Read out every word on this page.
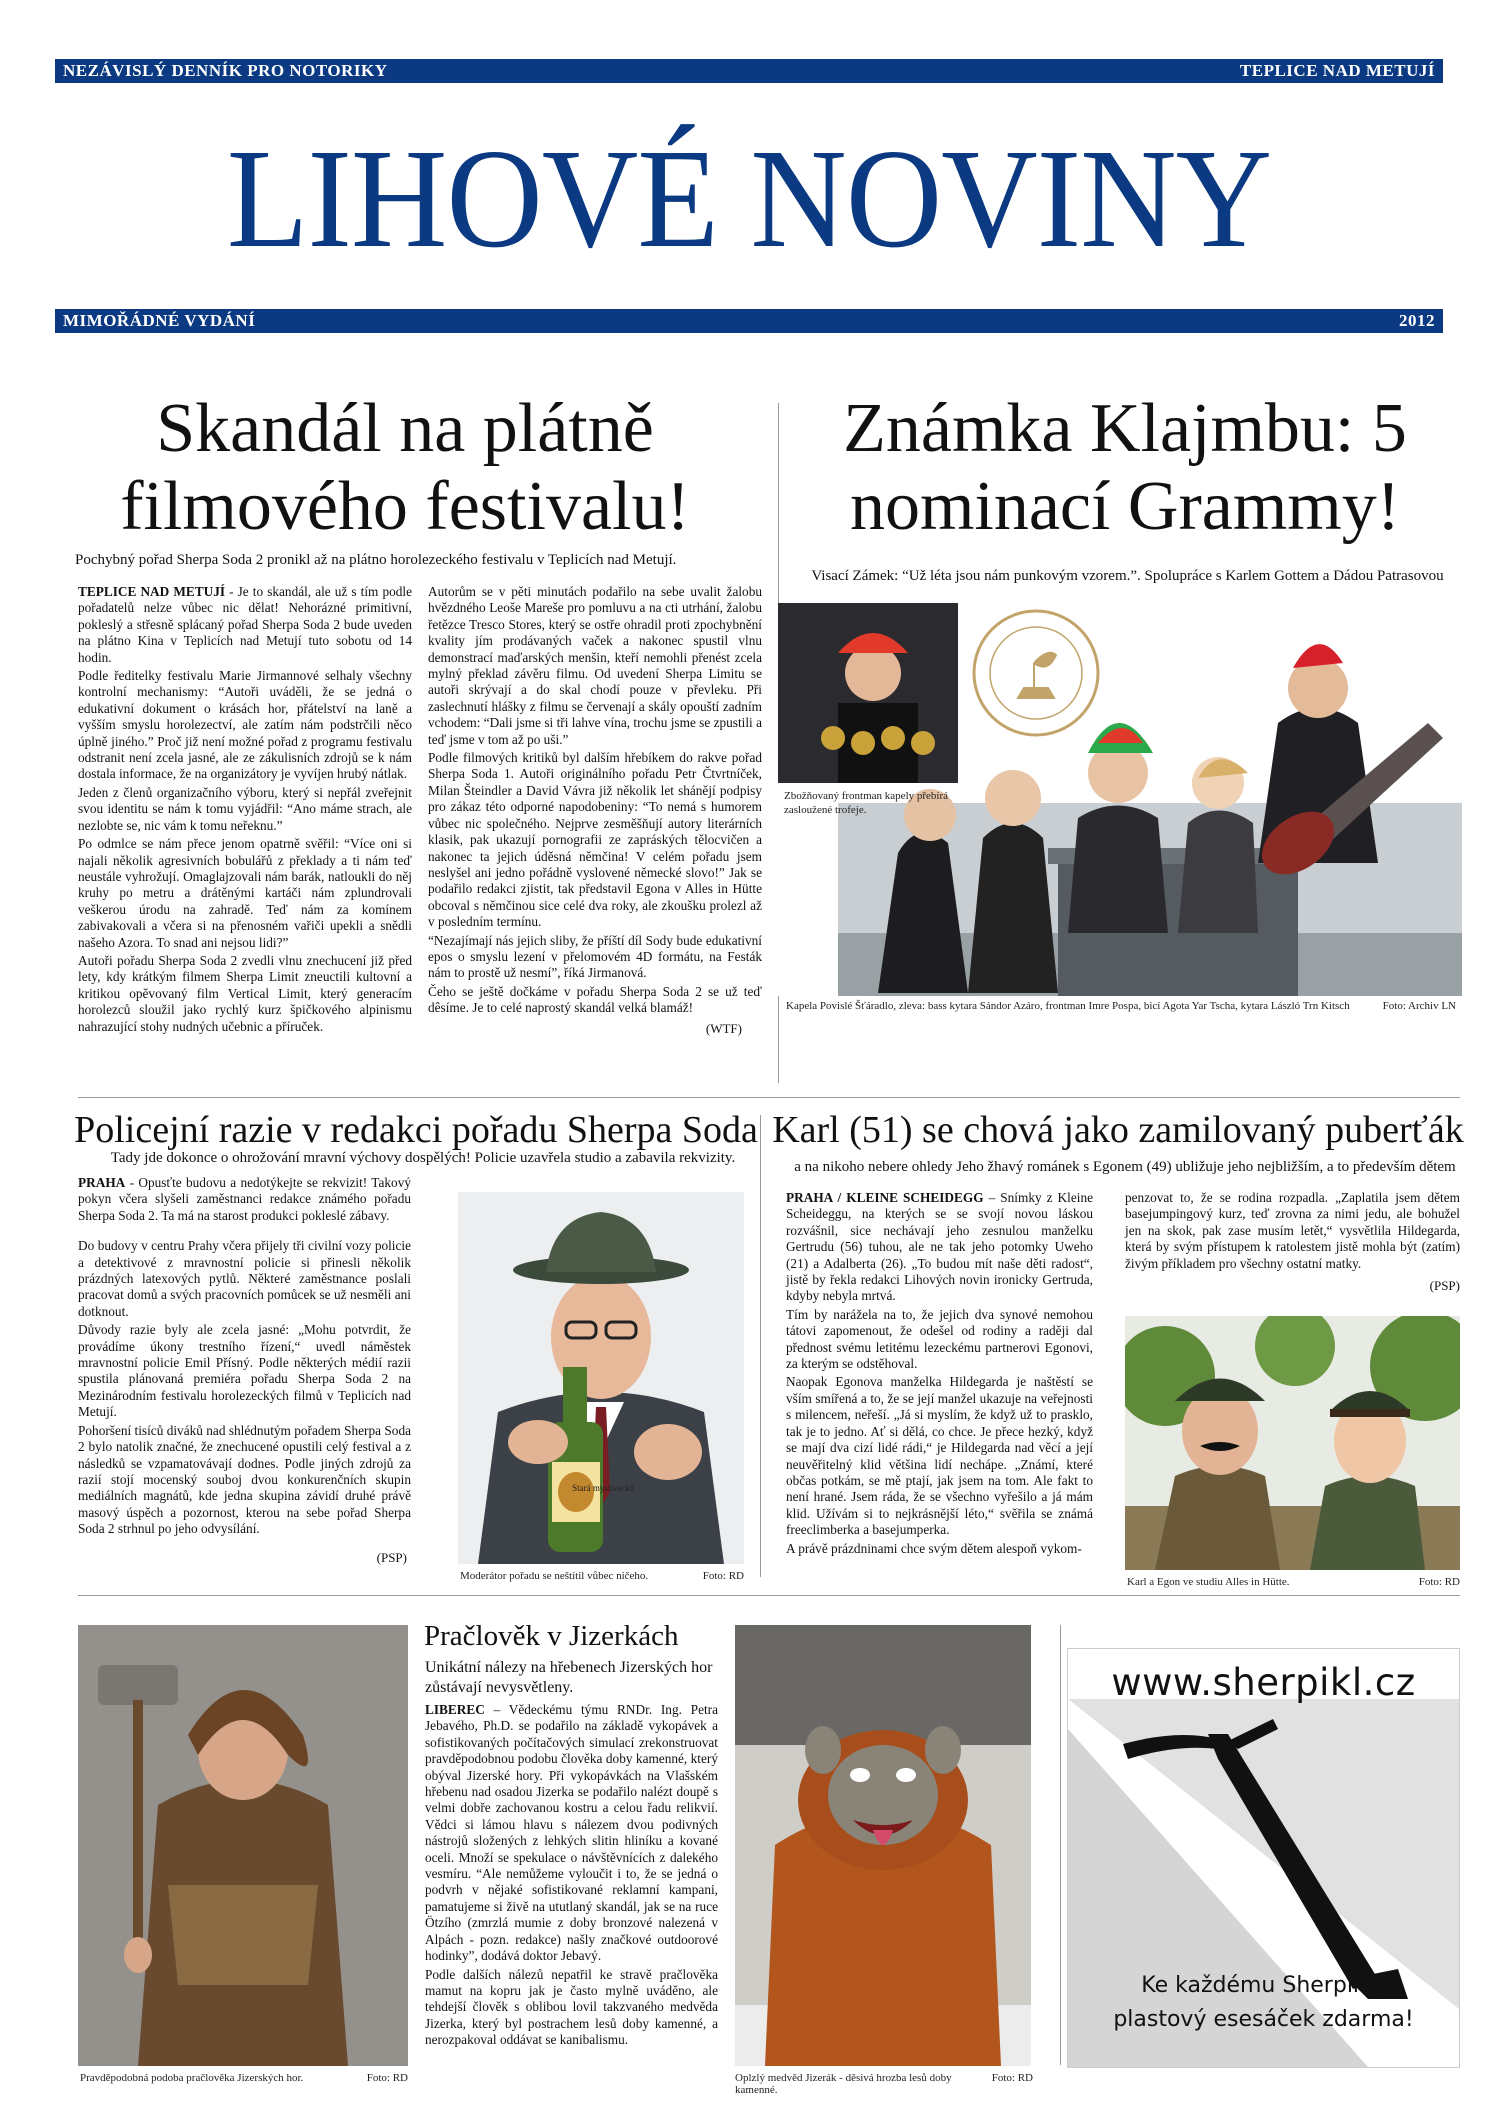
NEZÁVISLÝ DENNÍK PRO NOTORIKY	TEPLICE NAD METUJÍ
LIHOVÉ NOVINY
MIMOŘÁDNÉ VYDÁNÍ	2012
Skandál na plátně filmového festivalu!
Pochybný pořad Sherpa Soda 2 pronikl až na plátno horolezeckého festivalu v Teplicích nad Metují.

TEPLICE NAD METUJÍ - Je to skandál, ale už s tím podle pořadatelů nelze vůbec nic dělat! Nehorázné primitivní, pokleslý a střesně splácaný pořad Sherpa Soda 2 bude uveden na plátno Kina v Teplicích nad Metují tuto sobotu od 14 hodin.

Podle ředitelky festivalu Marie Jirmannové selhaly všechny kontrolní mechanismy: “Autoři uváděli, že se jedná o edukativní dokument o krásách hor, přátelství na laně a vyšším smyslu horolezectví, ale zatím nám podstrčili něco úplně jiného.” Proč již není možné pořad z programu festivalu odstranit není zcela jasné, ale ze zákulisních zdrojů se k nám dostala informace, že na organizátory je vyvíjen hrubý nátlak.

Jeden z členů organizačního výboru, který si nepřál zveřejnit svou identitu se nám k tomu vyjádřil: “Ano máme strach, ale nezlobte se, nic vám k tomu neřeknu.”

Po odmlce se nám přece jenom opatrně svěřil: “Více oni si najali několik agresivních bobulářů z překlady a ti nám teď neustále vyhrožují. Omaglajzovali nám barák, natloukli do něj kruhy po metru a drátěnými kartáči nám zplundrovali veškerou úrodu na zahradě. Teď nám za komínem zabivakovali a včera si na přenosném vařiči upekli a snědli našeho Azora. To snad ani nejsou lidi?”

Autoři pořadu Sherpa Soda 2 zvedli vlnu znechucení již před lety, kdy krátkým filmem Sherpa Limit zneuctili kultovní a kritikou opěvovaný film Vertical Limit, který generacím horolezců sloužil jako rychlý kurz špičkového alpinismu nahrazující stohy nudných učebnic a příruček.

Autorům se v pěti minutách podařilo na sebe uvalit žalobu hvězdného Leoše Mareše pro pomluvu a na cti utrhání, žalobu řetězce Tresco Stores, který se ostře ohradil proti zpochybnění kvality jím prodávaných vaček a nakonec spustil vlnu demonstrací maďarských menšin, kteří nemohli přenést zcela mylný překlad závěru filmu. Od uvedení Sherpa Limitu se autoři skrývají a do skal chodí pouze v převleku. Při zaslechnutí hlášky z filmu se červenají a skály opouští zadním vchodem: “Dali jsme si tři lahve vína, trochu jsme se zpustili a teď jsme v tom až po uši.”

Podle filmových kritiků byl dalším hřebíkem do rakve pořad Sherpa Soda 1. Autoři originálního pořadu Petr Čtvrtníček, Milan Šteindler a David Vávra již několik let shánějí podpisy pro zákaz této odporné napodobeniny: “To nemá s humorem vůbec nic společného. Nejprve zesměšňují autory literárních klasik, pak ukazují pornografii ze zapráských tělocvičen a nakonec ta jejich úděsná němčina! V celém pořadu jsem neslyšel ani jedno pořádně vyslovené německé slovo!” Jak se podařilo redakci zjistit, tak představil Egona v Alles in Hütte obcoval s němčinou sice celé dva roky, ale zkoušku prolezl až v posledním termínu.

“Nezajímají nás jejich sliby, že příští díl Sody bude edukativní epos o smyslu lezení v přelomovém 4D formátu, na Festák nám to prostě už nesmí”, říká Jirmanová.

Čeho se ještě dočkáme v pořadu Sherpa Soda 2 se už teď dêsíme. Je to celé naprostý skandál velká blamáž!

(WTF)
Známka Klajmbu: 5 nominací Grammy!
Visací Zámek: “Už léta jsou nám punkovým vzorem.”. Spolupráce s Karlem Gottem a Dádou Patrasovou
Zbožňovaný frontman kapely přebírá zasloužené trofeje.
Kapela Povislé Šťáradlo, zleva: bass kytara Sándor Azáro, frontman Imre Pospa, bicí Agota Yar Tscha, kytara László Trn Kitsch	Foto: Archiv LN
Policejní razie v redakci pořadu Sherpa Soda
Tady jde dokonce o ohrožování mravní výchovy dospělých! Policie uzavřela studio a zabavila rekvizity.

PRAHA - Opusťte budovu a nedotýkejte se rekvizit! Takový pokyn včera slyšeli zaměstnanci redakce známého pořadu Sherpa Soda 2. Ta má na starost produkci pokleslé zábavy.

Do budovy v centru Prahy včera přijely tři civilní vozy policie a detektivové z mravnostní policie si přinesli několik prázdných latexových pytlů. Některé zaměstnance poslali pracovat domů a svých pracovních pomůcek se už nesměli ani dotknout.

Důvody razie byly ale zcela jasné: „Mohu potvrdit, že provádíme úkony trestního řízení,“ uvedl náměstek mravnostní policie Emil Přísný. Podle některých médií razii spustila plánovaná premiéra pořadu Sherpa Soda 2 na Mezinárodním festivalu horolezeckých filmů v Teplicích nad Metují.

Pohoršení tisíců diváků nad shlédnutým pořadem Sherpa Soda 2 bylo natolik značné, že znechucené opustili celý festival a z následků se vzpamatovávají dodnes. Podle jiných zdrojů za razií stojí mocenský souboj dvou konkurenčních skupin mediálních magnátů, kde jedna skupina závidí druhé právě masový úspěch a pozornost, kterou na sebe pořad Sherpa Soda 2 strhnul po jeho odvysílání.

(PSP)
Stará myslivecká
Moderátor pořadu se neštítil vůbec ničeho.	Foto: RD
Karl (51) se chová jako zamilovaný puberťák
a na nikoho nebere ohledy Jeho žhavý románek s Egonem (49) ubližuje jeho nejbližším, a to především dětem

PRAHA / KLEINE SCHEIDEGG – Snímky z Kleine Scheideggu, na kterých se se svojí novou láskou rozvášnil, sice nechávají jeho zesnulou manželku Gertrudu (56) tuhou, ale ne tak jeho potomky Uweho (21) a Adalberta (26). „To budou mít naše děti radost“, jistě by řekla redakci Lihových novin ironicky Gertruda, kdyby nebyla mrtvá.

Tím by narážela na to, že jejich dva synové nemohou tátovi zapomenout, že odešel od rodiny a raději dal přednost svému letitému lezeckému partnerovi Egonovi, za kterým se odstěhoval.

Naopak Egonova manželka Hildegarda je naštěstí se vším smířená a to, že se její manžel ukazuje na veřejnosti s milencem, neřeší. „Já si myslím, že když už to prasklo, tak je to jedno. Ať si dělá, co chce. Je přece hezký, když se mají dva cizí lidé rádi,“ je Hildegarda nad věcí a její neuvěřitelný klid většina lidí nechápe. „Známí, které občas potkám, se mě ptají, jak jsem na tom. Ale fakt to není hrané. Jsem ráda, že se všechno vyřešilo a já mám klid. Užívám si to nejkrásnější léto,“ svěřila se známá freeclimberka a basejumperka.

A právě prázdninami chce svým dětem alespoň vykom-

penzovat to, že se rodina rozpadla. „Zaplatila jsem dětem basejumpingový kurz, teď zrovna za nimi jedu, ale bohužel jen na skok, pak zase musím letět,“ vysvětlila Hildegarda, která by svým přístupem k ratolestem jistě mohla být (zatím) živým příkladem pro všechny ostatní matky.

(PSP)
Karl a Egon ve studiu Alles in Hütte.	Foto: RD
Pravděpodobná podoba pračlověka Jizerských hor.	Foto: RD
Pračlověk v Jizerkách
Unikátní nálezy na hřebenech Jizerských hor zůstávají nevysvětleny.

LIBEREC – Vědeckému týmu RNDr. Ing. Petra Jebavého, Ph.D. se podařilo na základě vykopávek a sofistikovaných počítačových simulací zrekonstruovat pravděpodobnou podobu člověka doby kamenné, který obýval Jizerské hory. Při vykopávkách na Vlašském hřebenu nad osadou Jizerka se podařilo nalézt doupě s velmi dobře zachovanou kostru a celou řadu relikvií. Vědci si lámou hlavu s nálezem dvou podivných nástrojů složených z lehkých slitin hliníku a kované oceli. Množí se spekulace o návštěvnících z dalekého vesmíru. “Ale nemůžeme vyloučit i to, že se jedná o podvrh v nějaké sofistikované reklamní kampani, pamatujeme si živě na ututlaný skandál, jak se na ruce Ötzího (zmrzlá mumie z doby bronzové nalezená v Alpách - pozn. redakce) našly značkové outdoorové hodinky”, dodává doktor Jebavý.

Podle dalších nálezů nepatřil ke stravě pračlověka mamut na kopru jak je často mylně uváděno, ale tehdejší člověk s oblibou lovil takzvaného medvěda Jizerka, který byl postrachem lesů doby kamenné, a nerozpakoval oddávat se kanibalismu.

Oplzlý medvěd Jizerák - děsivá hrozba lesů doby kamenné.
Foto: RD
www.sherpikl.cz
Ke každému Sherpiklu
plastový esesáček zdarma!
